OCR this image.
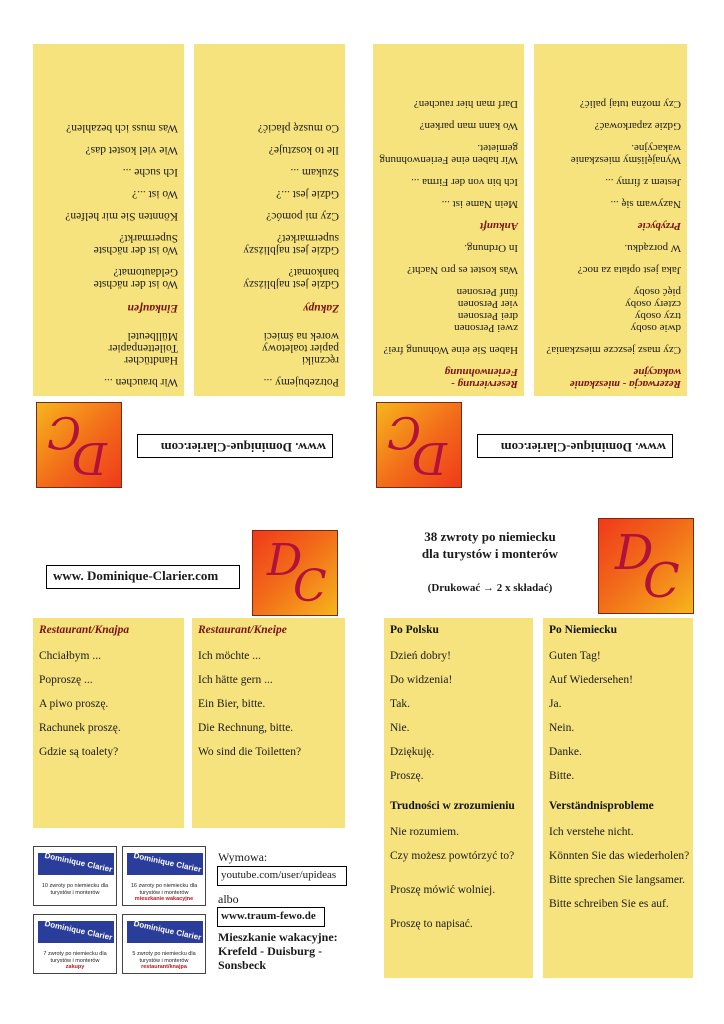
Wir brauchen ...
Handtücher
Toilettenpapier
Müllbeutel
Einkaufen
Wo ist der nächste Geldautomat?
Wo ist der nächste Supermarkt?
Könnten Sie mir helfen?
Wo ist ...?
Ich suche ...
Wie viel kostet das?
Was muss ich bezahlen?
Potrzebujemy ...
ręczniki
papier toaletowy
worek na śmieci
Zakupy
Gdzie jest najbliższy bankomat?
Gdzie jest najbliższy supermarket?
Czy mi pomóc?
Gdzie jest ...?
Szukam ...
Ile to kosztuje?
Co muszę płacić?
Reservierung - Ferienwohnung
Haben Sie eine Wohnung frei?
zwei Personen
drei Personen
vier Personen
fünf Personen
Was kostet es pro Nacht?
In Ordnung.
Ankunft
Mein Name ist ...
Ich bin von der Firma ...
Wir haben eine Ferienwohnung gemietet.
Wo kann man parken?
Darf man hier rauchen?
Rezerwacja - mieszkanie wakacyjne
Czy masz jeszcze mieszkania?
dwie osoby
trzy osoby
cztery osoby
pięć osoby
Jaka jest opłata za noc?
W porządku.
Przybycie
Nazywam się ...
Jestem z firmy ...
Wynajęliśmy mieszkanie wakacyjne.
Gdzie zaparkować?
Czy można tutaj palić?
D
C	www. Dominique-Clarier.com D
C	www. Dominique-Clarier.com
www. Dominique-Clarier.com	D
C
38 zwroty po niemiecku
dla turystów i monterów
(Drukować → 2 x składać)
D
C
Restaurant/Knajpa
Chciałbym ...
Poproszę ...
A piwo proszę.
Rachunek proszę.
Gdzie są toalety?
Restaurant/Kneipe
Ich möchte ...
Ich hätte gern ...
Ein Bier, bitte.
Die Rechnung, bitte.
Wo sind die Toiletten?
Po Polsku
Dzień dobry!
Do widzenia!
Tak.
Nie.
Dziękuję.
Proszę.
Trudności w zrozumieniu
Nie rozumiem.
Czy możesz powtórzyć to?
Proszę mówić wolniej.
Proszę to napisać.
Po Niemiecku
Guten Tag!
Auf Wiedersehen!
Ja.
Nein.
Danke.
Bitte.
Verständnisprobleme
Ich verstehe nicht.
Könnten Sie das wiederholen?
Bitte sprechen Sie langsamer.
Bitte schreiben Sie es auf.
Dominique Clarier
10 zwroty po niemiecku dla turystów i monterów
Dominique Clarier
16 zwroty po niemiecku dla turystów i monterów
mieszkanie wakacyjne
Dominique Clarier
7 zwroty po niemiecku dla turystów i monterów
zakupy
Dominique Clarier
5 zwroty po niemiecku dla turystów i monterów
restaurant/knajpa
Wymowa:
youtube.com/user/upideas
albo
www.traum-fewo.de
Mieszkanie wakacyjne:
Krefeld - Duisburg - Sonsbeck
